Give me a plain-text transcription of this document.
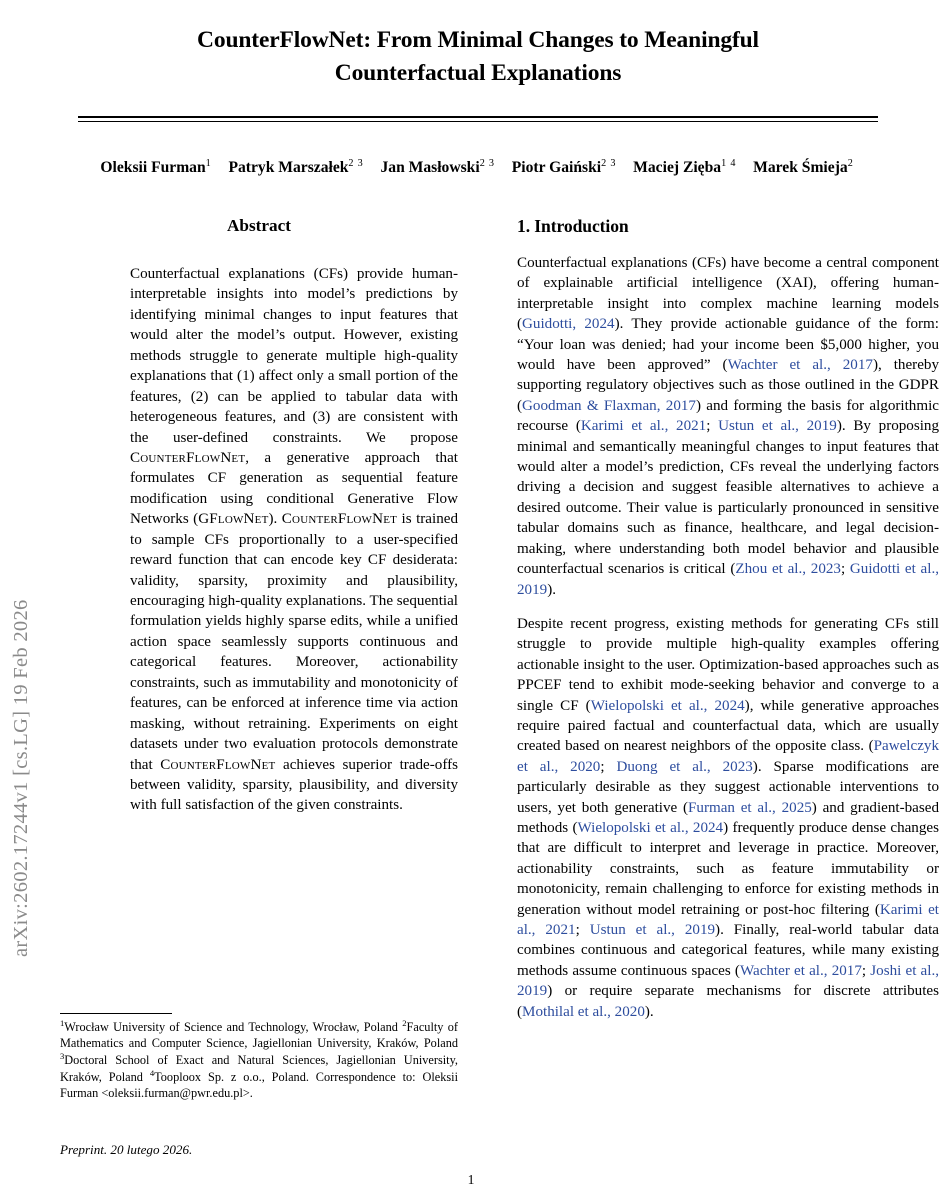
arXiv:2602.17244v1 [cs.LG] 19 Feb 2026
CounterFlowNet: From Minimal Changes to Meaningful
Counterfactual Explanations
Oleksii Furman$^1$ Patryk Marszałek$^{2 3}$ Jan Masłowski$^{2 3}$ Piotr Gaiński$^{2 3}$ Maciej Zięba$^{1 4}$ Marek Śmieja$^2$
Abstract
Counterfactual explanations (CFs) provide human-interpretable insights into model’s predictions by identifying minimal changes to input features that would alter the model’s output. However, existing methods struggle to generate multiple high-quality explanations that (1) affect only a small portion of the features, (2) can be applied to tabular data with heterogeneous features, and (3) are consistent with the user-defined constraints. We propose CounterFlowNet, a generative approach that formulates CF generation as sequential feature modification using conditional Generative Flow Networks (GFlowNet). CounterFlowNet is trained to sample CFs proportionally to a user-specified reward function that can encode key CF desiderata: validity, sparsity, proximity and plausibility, encouraging high-quality explanations. The sequential formulation yields highly sparse edits, while a unified action space seamlessly supports continuous and categorical features. Moreover, actionability constraints, such as immutability and monotonicity of features, can be enforced at inference time via action masking, without retraining. Experiments on eight datasets under two evaluation protocols demonstrate that CounterFlowNet achieves superior trade-offs between validity, sparsity, plausibility, and diversity with full satisfaction of the given constraints.
1. Introduction

Counterfactual explanations (CFs) have become a central component of explainable artificial intelligence (XAI), offering human-interpretable insight into complex machine learning models (Guidotti, 2024). They provide actionable guidance of the form: “Your loan was denied; had your income been $5,000 higher, you would have been approved” (Wachter et al., 2017), thereby supporting regulatory objectives such as those outlined in the GDPR (Goodman & Flaxman, 2017) and forming the basis for algorithmic recourse (Karimi et al., 2021; Ustun et al., 2019). By proposing minimal and semantically meaningful changes to input features that would alter a model’s prediction, CFs reveal the underlying factors driving a decision and suggest feasible alternatives to achieve a desired outcome. Their value is particularly pronounced in sensitive tabular domains such as finance, healthcare, and legal decision-making, where understanding both model behavior and plausible counterfactual scenarios is critical (Zhou et al., 2023; Guidotti et al., 2019).

Despite recent progress, existing methods for generating CFs still struggle to provide multiple high-quality examples offering actionable insight to the user. Optimization-based approaches such as PPCEF tend to exhibit mode-seeking behavior and converge to a single CF (Wielopolski et al., 2024), while generative approaches require paired factual and counterfactual data, which are usually created based on nearest neighbors of the opposite class. (Pawelczyk et al., 2020; Duong et al., 2023). Sparse modifications are particularly desirable as they suggest actionable interventions to users, yet both generative (Furman et al., 2025) and gradient-based methods (Wielopolski et al., 2024) frequently produce dense changes that are difficult to interpret and leverage in practice. Moreover, actionability constraints, such as feature immutability or monotonicity, remain challenging to enforce for existing methods in generation without model retraining or post-hoc filtering (Karimi et al., 2021; Ustun et al., 2019). Finally, real-world tabular data combines continuous and categorical features, while many existing methods assume continuous spaces (Wachter et al., 2017; Joshi et al., 2019) or require separate mechanisms for discrete attributes (Mothilal et al., 2020).

$^1$Wrocław University of Science and Technology, Wrocław, Poland $^2$Faculty of Mathematics and Computer Science, Jagiellonian University, Kraków, Poland $^3$Doctoral School of Exact and Natural Sciences, Jagiellonian University, Kraków, Poland $^4$Tooploox Sp. z o.o., Poland. Correspondence to: Oleksii Furman <oleksii.furman@pwr.edu.pl>.
Preprint. 20 lutego 2026.
1
